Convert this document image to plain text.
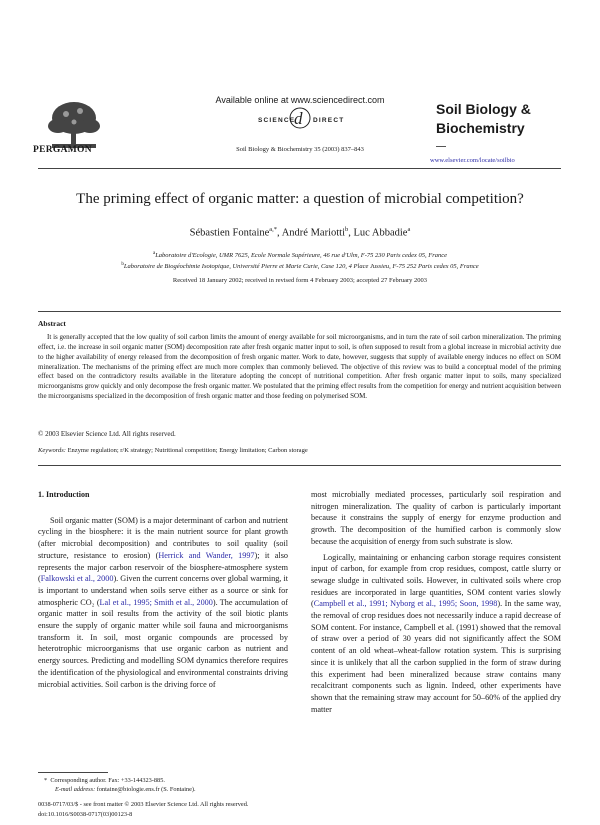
PERGAMON
Available online at www.sciencedirect.com
SCIENCE
d DIRECT
Soil Biology & Biochemistry 35 (2003) 837–843
Soil Biology &
Biochemistry
www.elsevier.com/locate/soilbio
The priming effect of organic matter: a question of microbial competition?
Sébastien Fontaine$^{a,*}$, André Mariotti$^b$, Luc Abbadie$^a$
$^a$Laboratoire d'Ecologie, UMR 7625, Ecole Normale Supérieure, 46 rue d'Ulm, F-75 230 Paris cedex 05, France
$^b$Laboratoire de Biogéochimie Isotopique, Université Pierre et Marie Curie, Case 120, 4 Place Jussieu, F-75 252 Paris cedex 05, France
Received 18 January 2002; received in revised form 4 February 2003; accepted 27 February 2003
Abstract
It is generally accepted that the low quality of soil carbon limits the amount of energy available for soil microorganisms, and in turn the rate of soil carbon mineralization. The priming effect, i.e. the increase in soil organic matter (SOM) decomposition rate after fresh organic matter input to soil, is often supposed to result from a global increase in microbial activity due to the higher availability of energy released from the decomposition of fresh organic matter. Work to date, however, suggests that supply of available energy induces no effect on SOM mineralization. The mechanisms of the priming effect are much more complex than commonly believed. The objective of this review was to build a conceptual model of the priming effect based on the contradictory results available in the literature adopting the concept of nutritional competition. After fresh organic matter input to soils, many specialized microorganisms grow quickly and only decompose the fresh organic matter. We postulated that the priming effect results from the competition for energy and nutrient acquisition between the microorganisms specialized in the decomposition of fresh organic matter and those feeding on polymerised SOM.
© 2003 Elsevier Science Ltd. All rights reserved.
Keywords: Enzyme regulation; r/K strategy; Nutritional competition; Energy limitation; Carbon storage
1. Introduction
Soil organic matter (SOM) is a major determinant of carbon and nutrient cycling in the biosphere: it is the main nutrient source for plant growth (after microbial decomposition) and contributes to soil quality (soil structure, resistance to erosion) (Herrick and Wander, 1997); it also represents the major carbon reservoir of the biosphere-atmosphere system (Falkowski et al., 2000). Given the current concerns over global warming, it is important to understand when soils serve either as a source or sink for atmospheric CO₂ (Lal et al., 1995; Smith et al., 2000). The accumulation of organic matter in soil results from the activity of the soil biotic plants ensure the supply of organic matter while soil fauna and microorganisms transform it. In soil, most organic compounds are processed by heterotrophic microorganisms that use organic carbon as nutrient and energy sources. Predicting and modelling SOM dynamics therefore requires the identification of the physiological and environmental constraints driving microbial activities. Soil carbon is the driving force of
most microbially mediated processes, particularly soil respiration and nitrogen mineralization. The quality of carbon is particularly important because it constrains the supply of energy for enzyme production and growth. The decomposition of the humified carbon is commonly slow because the acquisition of energy from such substrate is slow.
Logically, maintaining or enhancing carbon storage requires consistent input of carbon, for example from crop residues, compost, cattle slurry or sewage sludge in cultivated soils. However, in cultivated soils where crop residues are incorporated in large quantities, SOM content varies slowly (Campbell et al., 1991; Nyborg et al., 1995; Soon, 1998). In the same way, the removal of crop residues does not necessarily induce a rapid decrease of SOM content. For instance, Campbell et al. (1991) showed that the removal of straw over a period of 30 years did not significantly affect the SOM content of an old wheat–wheat-fallow rotation system. This is surprising since it is unlikely that all the carbon supplied in the form of straw during this experiment had been mineralized because straw contains many recalcitrant components such as lignin. Indeed, other experiments have shown that the remaining straw may account for 50–60% of the applied dry matter
* Corresponding author. Fax: +33-144323-885.
E-mail address: fontaine@biologie.ens.fr (S. Fontaine).
0038-0717/03/$ - see front matter © 2003 Elsevier Science Ltd. All rights reserved.
doi:10.1016/S0038-0717(03)00123-8
